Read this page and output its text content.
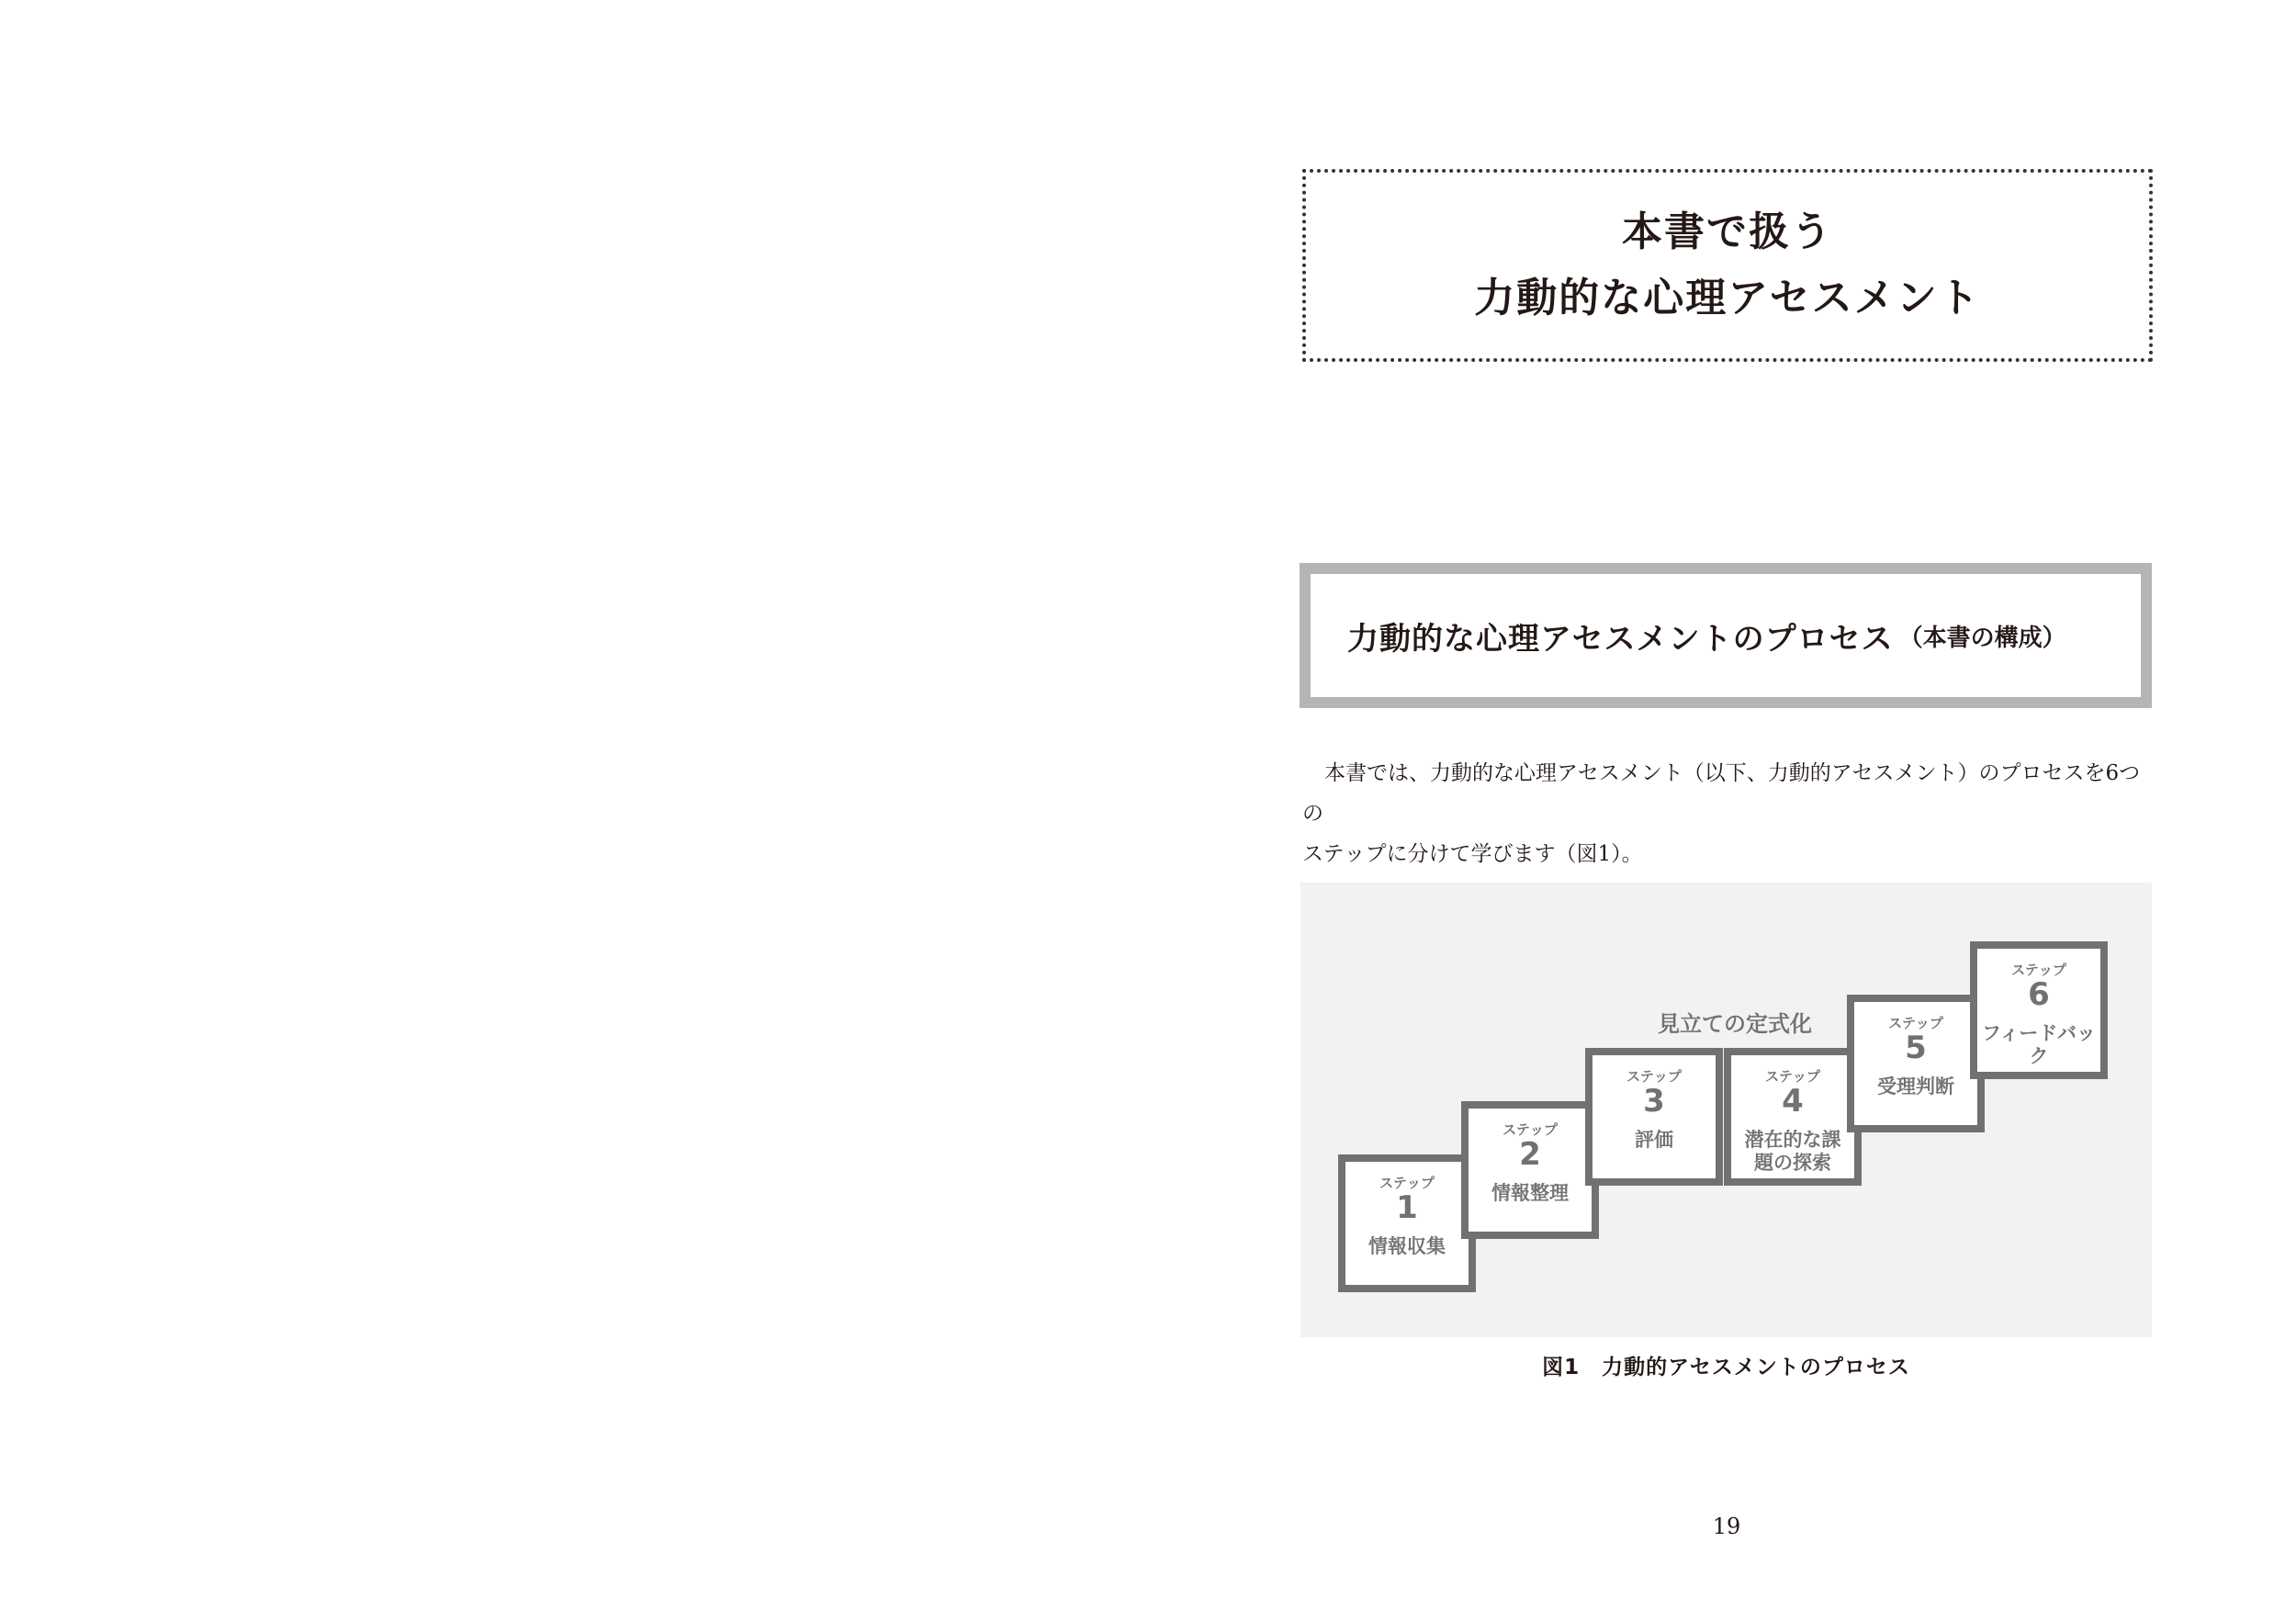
本書で扱う
力動的な心理アセスメント
力動的な心理アセスメントのプロセス （本書の構成）

本書では、力動的な心理アセスメント（以下、力動的アセスメント）のプロセスを6つの

ステップに分けて学びます（図1）。

見立ての定式化
ステップ
1
情報収集
ステップ
2
情報整理
ステップ
3
評価
ステップ
4
潜在的な課題の探索
ステップ
5
受理判断
ステップ
6
フィードバック
図1　力動的アセスメントのプロセス
19
